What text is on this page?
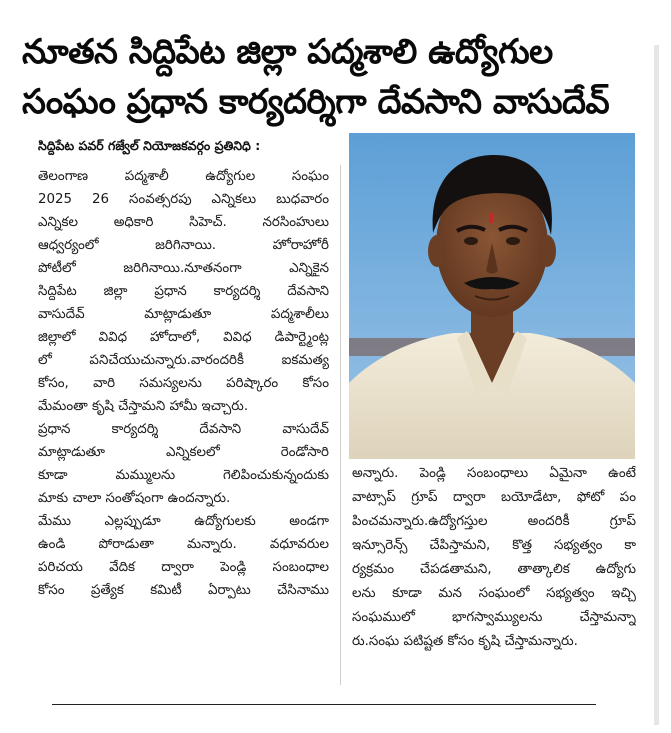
నూతన సిద్దిపేట జిల్లా పద్మశాలి ఉద్యోగుల
సంఘం ప్రధాన కార్యదర్శిగా దేవసాని వాసుదేవ్
సిద్దిపేట పవర్ గజ్వేల్ నియోజకవర్గం ప్రతినిధి :
తెలంగాణ పద్మశాలీ ఉద్యోగుల సంఘం
2025 26 సంవత్సరపు ఎన్నికలు బుధవారం
ఎన్నికల అధికారి సిహెచ్. నరసింహులు
ఆధ్వర్యంలో జరిగినాయి. హోరాహోరీ
పోటీలో జరిగినాయి.నూతనంగా ఎన్నికైన
సిద్దిపేట జిల్లా ప్రధాన కార్యదర్శి దేవసాని
వాసుదేవ్ మాట్లాడుతూ పద్మశాలీలు
జిల్లాలో వివిధ హోదాలో, వివిధ డిపార్ట్మెంట్ల
లో పనిచేయుచున్నారు.వారందరికీ ఐకమత్య
కోసం, వారి సమస్యలను పరిష్కారం కోసం
మేమంతా కృషి చేస్తామని హామీ ఇచ్చారు.
ప్రధాన కార్యదర్శి దేవసాని వాసుదేవ్
మాట్లాడుతూ ఎన్నికలలో రెండోసారి
కూడా మమ్ములను గెలిపించుకున్నందుకు
మాకు చాలా సంతోషంగా ఉందన్నారు.
మేము ఎల్లప్పుడూ ఉద్యోగులకు అండగా
ఉండి పోరాడుతా మన్నారు. వధూవరుల
పరిచయ వేదిక ద్వారా పెండ్లి సంబంధాల
కోసం ప్రత్యేక కమిటీ ఏర్పాటు చేసినాము
అన్నారు. పెండ్లి సంబంధాలు ఏమైనా ఉంటే
వాట్సాప్ గ్రూప్ ద్వారా బయోడేటా, ఫోటో పం
పించమన్నారు.ఉద్యోగస్తుల అందరికీ గ్రూప్
ఇన్సూరెన్స్ చేపిస్తామని, కొత్త సభ్యత్వం కా
ర్యక్రమం చేపడతామని, తాత్కాలిక ఉద్యోగు
లను కూడా మన సంఘంలో సభ్యత్వం ఇచ్చి
సంఘములో భాగస్వామ్యులను చేస్తామన్నా
రు.సంఘ పటిష్టత కోసం కృషి చేస్తామన్నారు.
